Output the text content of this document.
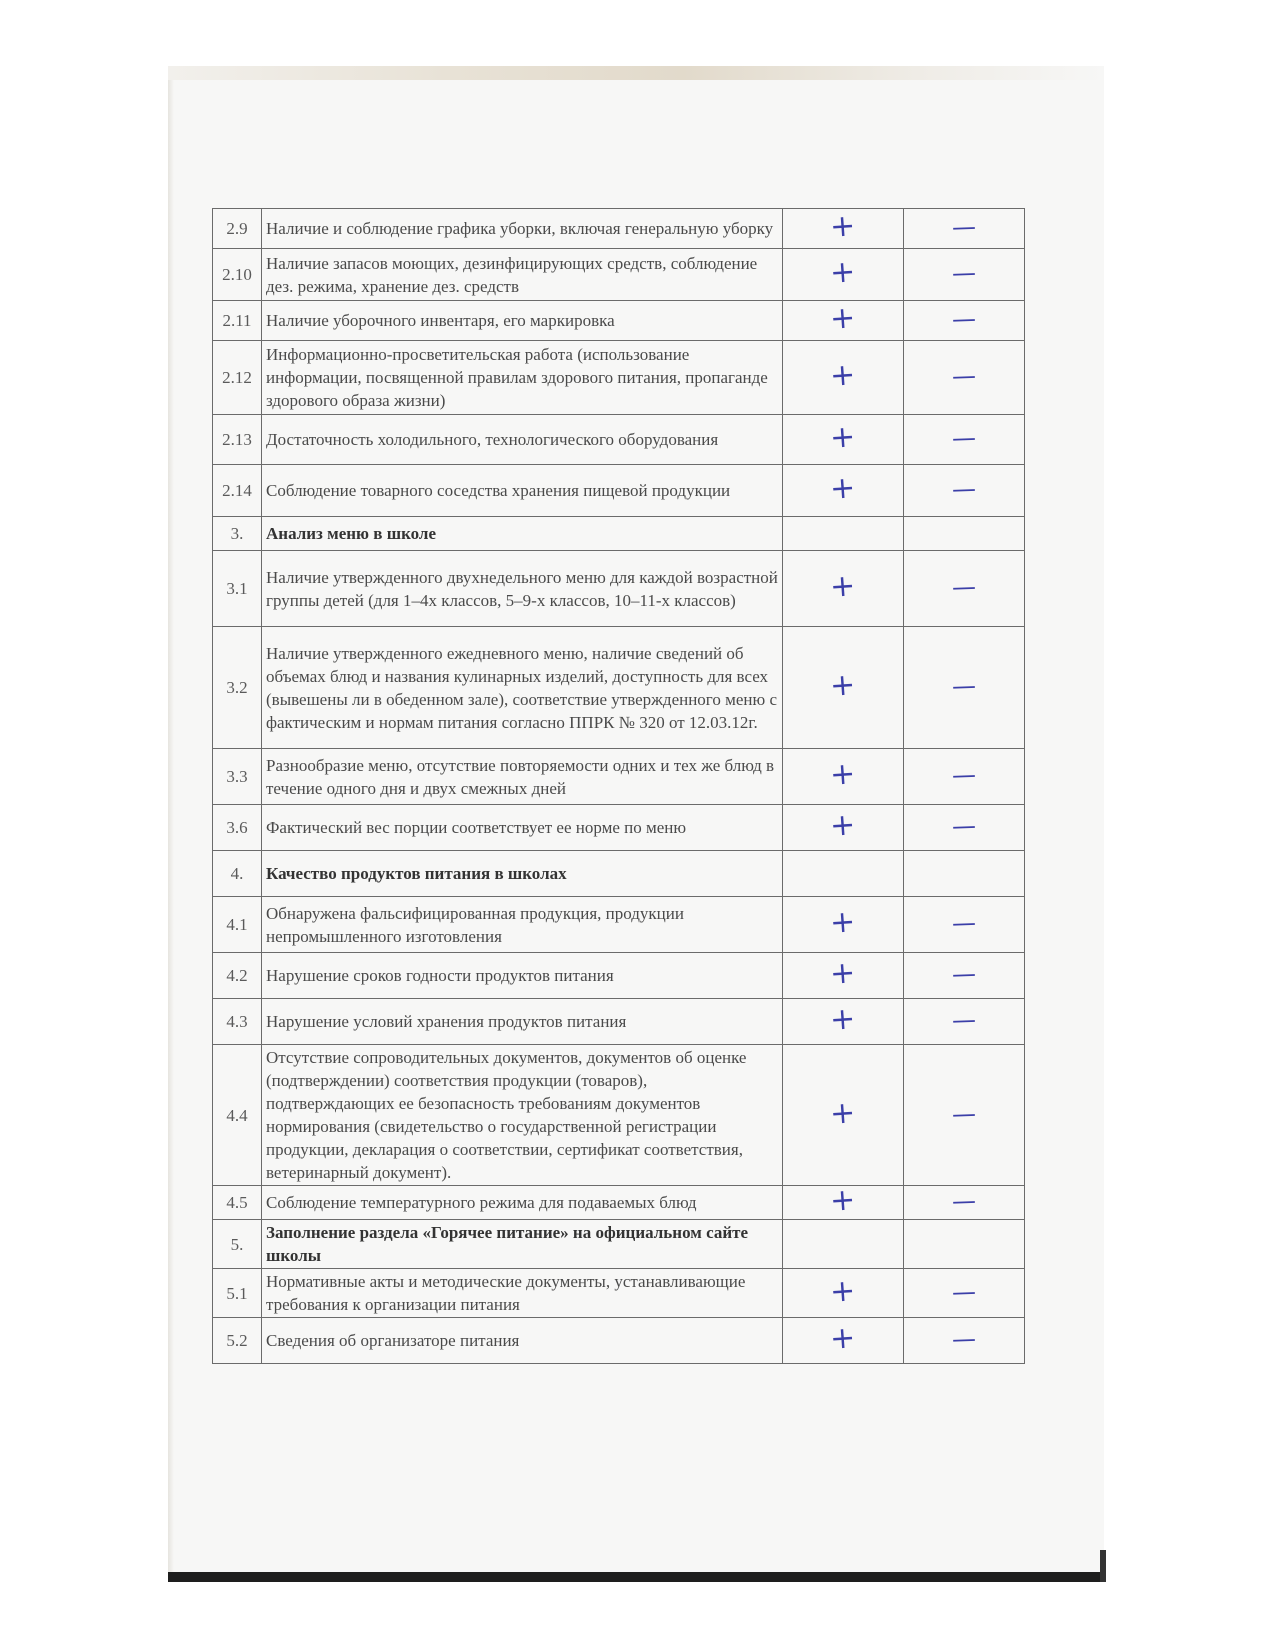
2.9	Наличие и соблюдение графика уборки, включая генеральную уборку	+	—
2.10	Наличие запасов моющих, дезинфицирующих средств, соблюдение дез. режима, хранение дез. средств	+	—
2.11	Наличие уборочного инвентаря, его маркировка	+	—
2.12	Информационно-просветительская работа (использование информации, посвященной правилам здорового питания, пропаганде здорового образа жизни)	+	—
2.13	Достаточность холодильного, технологического оборудования	+	—
2.14	Соблюдение товарного соседства хранения пищевой продукции	+	—
3.	Анализ меню в школе		
3.1	Наличие утвержденного двухнедельного меню для каждой возрастной группы детей (для 1–4х классов, 5–9-х классов, 10–11-х классов)	+	—
3.2	Наличие утвержденного ежедневного меню, наличие сведений об объемах блюд и названия кулинарных изделий, доступность для всех (вывешены ли в обеденном зале), соответствие утвержденного меню с фактическим и нормам питания согласно ППРК № 320 от 12.03.12г.	+	—
3.3	Разнообразие меню, отсутствие повторяемости одних и тех же блюд в течение одного дня и двух смежных дней	+	—
3.6	Фактический вес порции соответствует ее норме по меню	+	—
4.	Качество продуктов питания в школах		
4.1	Обнаружена фальсифицированная продукция, продукции непромышленного изготовления	+	—
4.2	Нарушение сроков годности продуктов питания	+	—
4.3	Нарушение условий хранения продуктов питания	+	—
4.4	Отсутствие сопроводительных документов, документов об оценке (подтверждении) соответствия продукции (товаров), подтверждающих ее безопасность требованиям документов нормирования (свидетельство о государственной регистрации продукции, декларация о соответствии, сертификат соответствия, ветеринарный документ).	+	—
4.5	Соблюдение температурного режима для подаваемых блюд	+	—
5.	Заполнение раздела «Горячее питание» на официальном сайте школы		
5.1	Нормативные акты и методические документы, устанавливающие требования к организации питания	+	—
5.2	Сведения об организаторе питания	+	—
